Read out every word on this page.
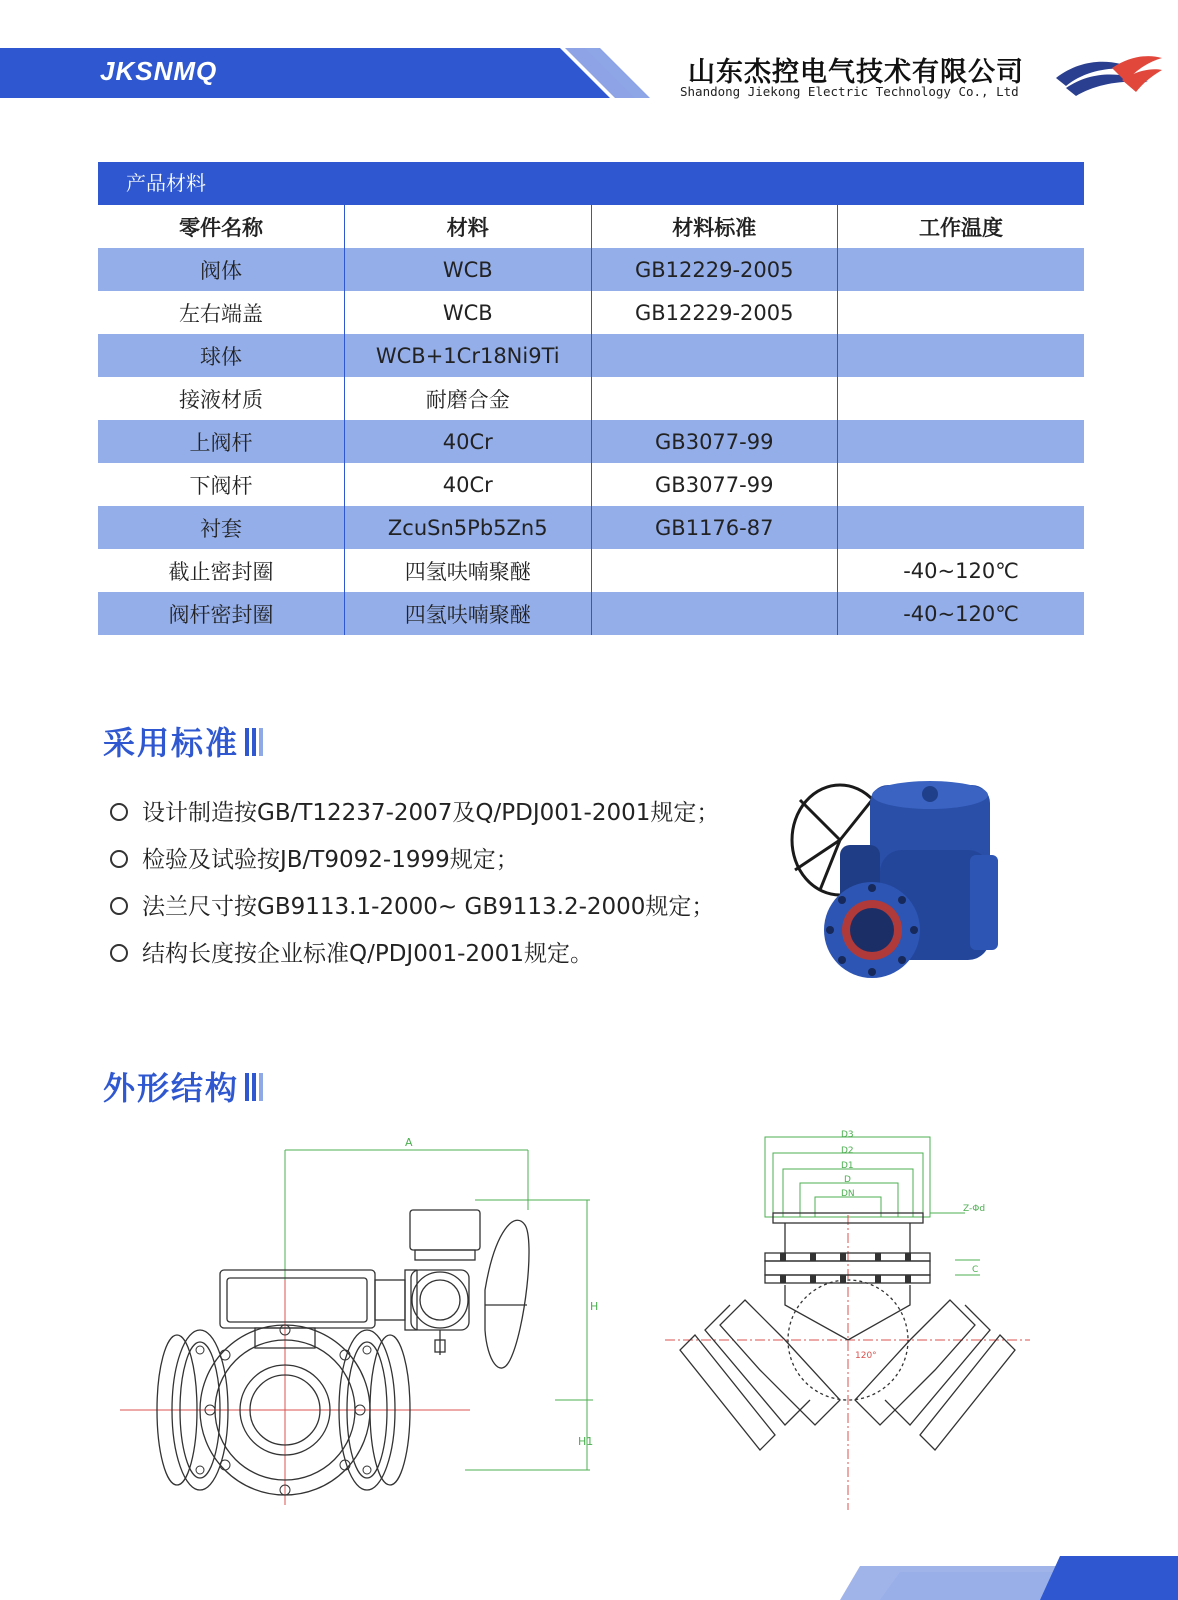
JKSNMQ	山东杰控电气技术有限公司
Shandong Jiekong Electric Technology Co., Ltd
产品材料
零件名称	材料	材料标准	工作温度
阀体	WCB	GB12229-2005	
左右端盖	WCB	GB12229-2005	
球体	WCB+1Cr18Ni9Ti		
接液材质	耐磨合金		
上阀杆	40Cr	GB3077-99	
下阀杆	40Cr	GB3077-99	
衬套	ZcuSn5Pb5Zn5	GB1176-87	
截止密封圈	四氢呋喃聚醚		-40~120℃
阀杆密封圈	四氢呋喃聚醚		-40~120℃
采用标准
设计制造按GB/T12237-2007及Q/PDJ001-2001规定；
检验及试验按JB/T9092-1999规定；
法兰尺寸按GB9113.1-2000~ GB9113.2-2000规定；
结构长度按企业标准Q/PDJ001-2001规定。
外形结构
A
H
H1
D3
D2
D1
D
DN
Z-Φd
C
120°
